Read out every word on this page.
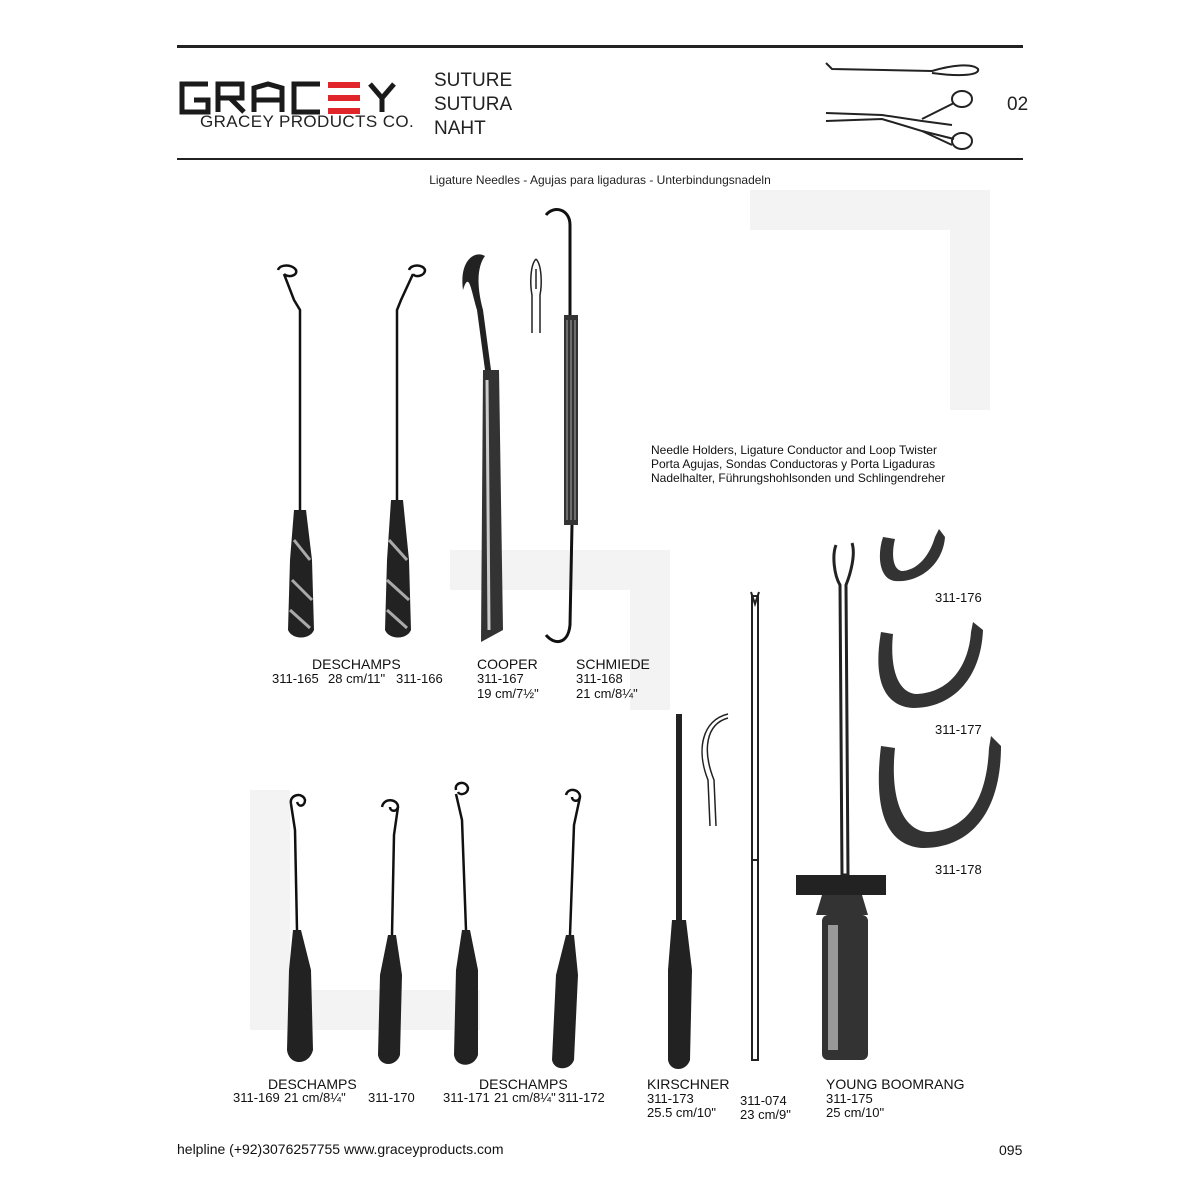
GRACEY PRODUCTS CO.
SUTURE
SUTURA
NAHT
02
Ligature Needles - Agujas para ligaduras - Unterbindungsnadeln
DESCHAMPS
311-165 28 cm/11" 311-166
COOPER
311-167
19 cm/7½"
SCHMIEDE
311-168
21 cm/8¼"
Needle Holders, Ligature Conductor and Loop Twister
Porta Agujas, Sondas Conductoras y Porta Ligaduras
Nadelhalter, Führungshohlsonden und Schlingendreher
311-176
311-177
311-178
DESCHAMPS
311-169 21 cm/8¼" 311-170
DESCHAMPS
311-171 21 cm/8¼" 311-172
KIRSCHNER
311-173
25.5 cm/10"
311-074
23 cm/9"
YOUNG BOOMRANG
311-175
25 cm/10"
helpline (+92)3076257755 www.graceyproducts.com	095
